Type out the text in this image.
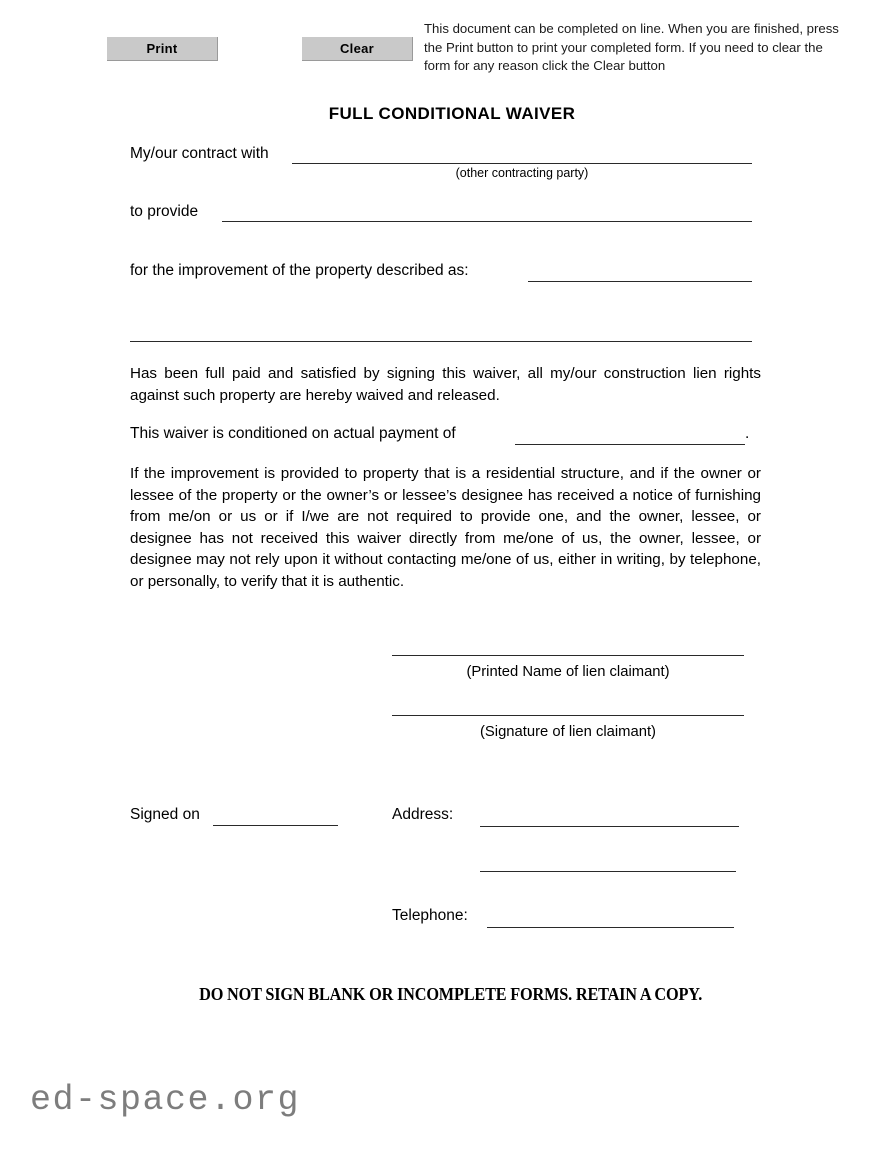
Print	Clear
This document can be completed on line. When you are finished, press the Print button to print your completed form. If you need to clear the form for any reason click the Clear button
FULL CONDITIONAL WAIVER
My/our contract with
(other contracting party)
to provide
for the improvement of the property described as:
Has been full paid and satisfied by signing this waiver, all my/our construction lien rights against such property are hereby waived and released.
This waiver is conditioned on actual payment of	.
If the improvement is provided to property that is a residential structure, and if the owner or lessee of the property or the owner’s or lessee’s designee has received a notice of furnishing from me/on or us or if I/we are not required to provide one, and the owner, lessee, or designee has not received this waiver directly from me/one of us, the owner, lessee, or designee may not rely upon it without contacting me/one of us, either in writing, by telephone, or personally, to verify that it is authentic.
(Printed Name of lien claimant)
(Signature of lien claimant)
Signed on	Address:
Telephone:
DO NOT SIGN BLANK OR INCOMPLETE FORMS. RETAIN A COPY.
ed-space.org
